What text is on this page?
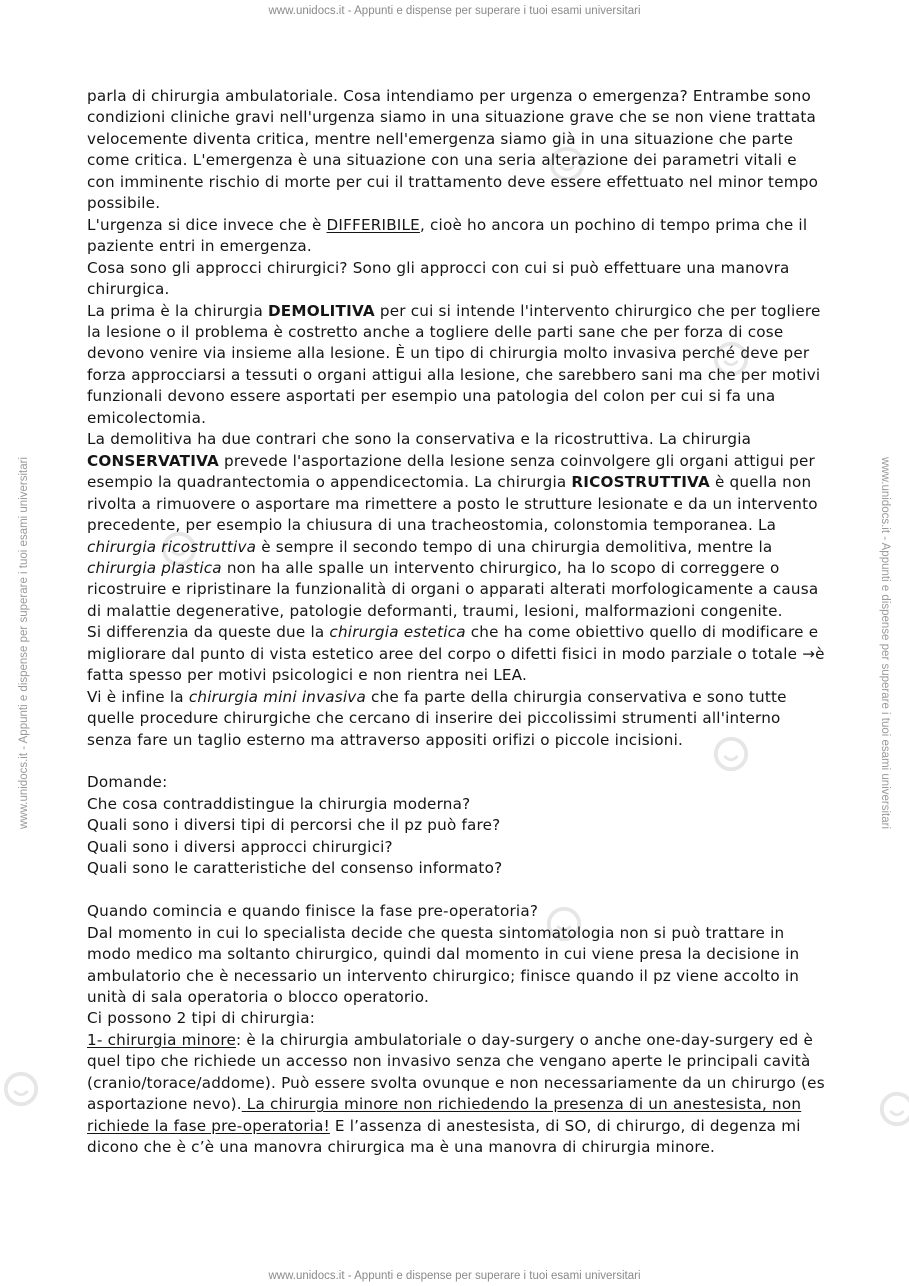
www.unidocs.it - Appunti e dispense per superare i tuoi esami universitari
www.unidocs.it - Appunti e dispense per superare i tuoi esami universitari
www.unidocs.it - Appunti e dispense per superare i tuoi esami universitari	www.unidocs.it - Appunti e dispense per superare i tuoi esami universitari

parla di chirurgia ambulatoriale. Cosa intendiamo per urgenza o emergenza? Entrambe sono condizioni cliniche gravi nell'urgenza siamo in una situazione grave che se non viene trattata velocemente diventa critica, mentre nell'emergenza siamo già in una situazione che parte come critica. L'emergenza è una situazione con una seria alterazione dei parametri vitali e con imminente rischio di morte per cui il trattamento deve essere effettuato nel minor tempo possibile.

L'urgenza si dice invece che è DIFFERIBILE, cioè ho ancora un pochino di tempo prima che il paziente entri in emergenza.

Cosa sono gli approcci chirurgici? Sono gli approcci con cui si può effettuare una manovra chirurgica.

La prima è la chirurgia DEMOLITIVA per cui si intende l'intervento chirurgico che per togliere la lesione o il problema è costretto anche a togliere delle parti sane che per forza di cose devono venire via insieme alla lesione. È un tipo di chirurgia molto invasiva perché deve per forza approcciarsi a tessuti o organi attigui alla lesione, che sarebbero sani ma che per motivi funzionali devono essere asportati per esempio una patologia del colon per cui si fa una emicolectomia.

La demolitiva ha due contrari che sono la conservativa e la ricostruttiva. La chirurgia CONSERVATIVA prevede l'asportazione della lesione senza coinvolgere gli organi attigui per esempio la quadrantectomia o appendicectomia. La chirurgia RICOSTRUTTIVA è quella non rivolta a rimuovere o asportare ma rimettere a posto le strutture lesionate e da un intervento precedente, per esempio la chiusura di una tracheostomia, colonstomia temporanea. La chirurgia ricostruttiva è sempre il secondo tempo di una chirurgia demolitiva, mentre la chirurgia plastica non ha alle spalle un intervento chirurgico, ha lo scopo di correggere o ricostruire e ripristinare la funzionalità di organi o apparati alterati morfologicamente a causa di malattie degenerative, patologie deformanti, traumi, lesioni, malformazioni congenite.

Si differenzia da queste due la chirurgia estetica che ha come obiettivo quello di modificare e migliorare dal punto di vista estetico aree del corpo o difetti fisici in modo parziale o totale →è fatta spesso per motivi psicologici e non rientra nei LEA.

Vi è infine la chirurgia mini invasiva che fa parte della chirurgia conservativa e sono tutte quelle procedure chirurgiche che cercano di inserire dei piccolissimi strumenti all'interno senza fare un taglio esterno ma attraverso appositi orifizi o piccole incisioni.

Domande:

Che cosa contraddistingue la chirurgia moderna?

Quali sono i diversi tipi di percorsi che il pz può fare?

Quali sono i diversi approcci chirurgici?

Quali sono le caratteristiche del consenso informato?

Quando comincia e quando finisce la fase pre-operatoria?

Dal momento in cui lo specialista decide che questa sintomatologia non si può trattare in modo medico ma soltanto chirurgico, quindi dal momento in cui viene presa la decisione in ambulatorio che è necessario un intervento chirurgico; finisce quando il pz viene accolto in unità di sala operatoria o blocco operatorio.

Ci possono 2 tipi di chirurgia:

1- chirurgia minore: è la chirurgia ambulatoriale o day-surgery o anche one-day-surgery ed è quel tipo che richiede un accesso non invasivo senza che vengano aperte le principali cavità (cranio/torace/addome). Può essere svolta ovunque e non necessariamente da un chirurgo (es asportazione nevo). La chirurgia minore non richiedendo la presenza di un anestesista, non richiede la fase pre-operatoria! E l’assenza di anestesista, di SO, di chirurgo, di degenza mi dicono che è c’è una manovra chirurgica ma è una manovra di chirurgia minore.
